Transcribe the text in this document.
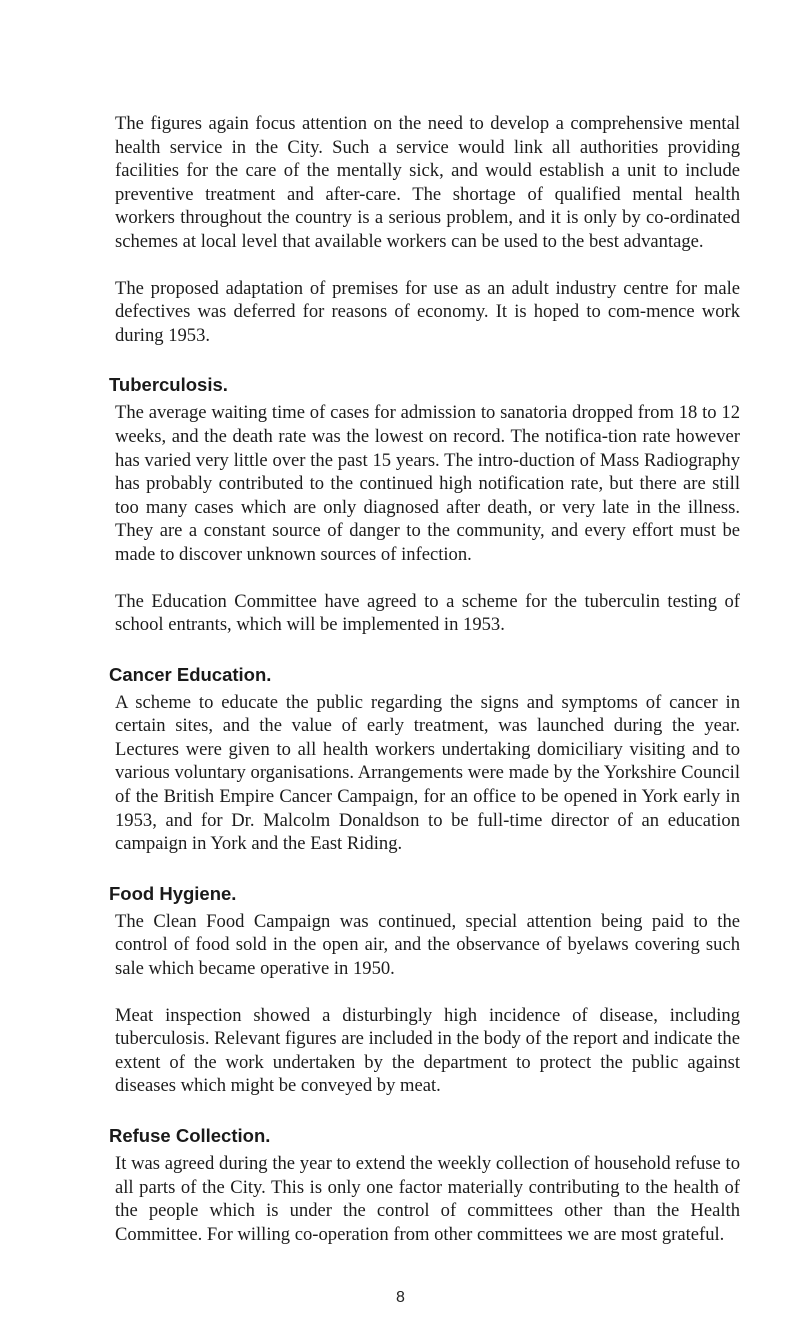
The figures again focus attention on the need to develop a comprehensive mental health service in the City. Such a service would link all authorities providing facilities for the care of the mentally sick, and would establish a unit to include preventive treatment and after-care. The shortage of qualified mental health workers throughout the country is a serious problem, and it is only by co-ordinated schemes at local level that available workers can be used to the best advantage.

The proposed adaptation of premises for use as an adult industry centre for male defectives was deferred for reasons of economy. It is hoped to com-mence work during 1953.

Tuberculosis.

The average waiting time of cases for admission to sanatoria dropped from 18 to 12 weeks, and the death rate was the lowest on record. The notifica-tion rate however has varied very little over the past 15 years. The intro-duction of Mass Radiography has probably contributed to the continued high notification rate, but there are still too many cases which are only diagnosed after death, or very late in the illness. They are a constant source of danger to the community, and every effort must be made to discover unknown sources of infection.

The Education Committee have agreed to a scheme for the tuberculin testing of school entrants, which will be implemented in 1953.

Cancer Education.

A scheme to educate the public regarding the signs and symptoms of cancer in certain sites, and the value of early treatment, was launched during the year. Lectures were given to all health workers undertaking domiciliary visiting and to various voluntary organisations. Arrangements were made by the Yorkshire Council of the British Empire Cancer Campaign, for an office to be opened in York early in 1953, and for Dr. Malcolm Donaldson to be full-time director of an education campaign in York and the East Riding.

Food Hygiene.

The Clean Food Campaign was continued, special attention being paid to the control of food sold in the open air, and the observance of byelaws covering such sale which became operative in 1950.

Meat inspection showed a disturbingly high incidence of disease, including tuberculosis. Relevant figures are included in the body of the report and indicate the extent of the work undertaken by the department to protect the public against diseases which might be conveyed by meat.

Refuse Collection.

It was agreed during the year to extend the weekly collection of household refuse to all parts of the City. This is only one factor materially contributing to the health of the people which is under the control of committees other than the Health Committee. For willing co-operation from other committees we are most grateful.

8
